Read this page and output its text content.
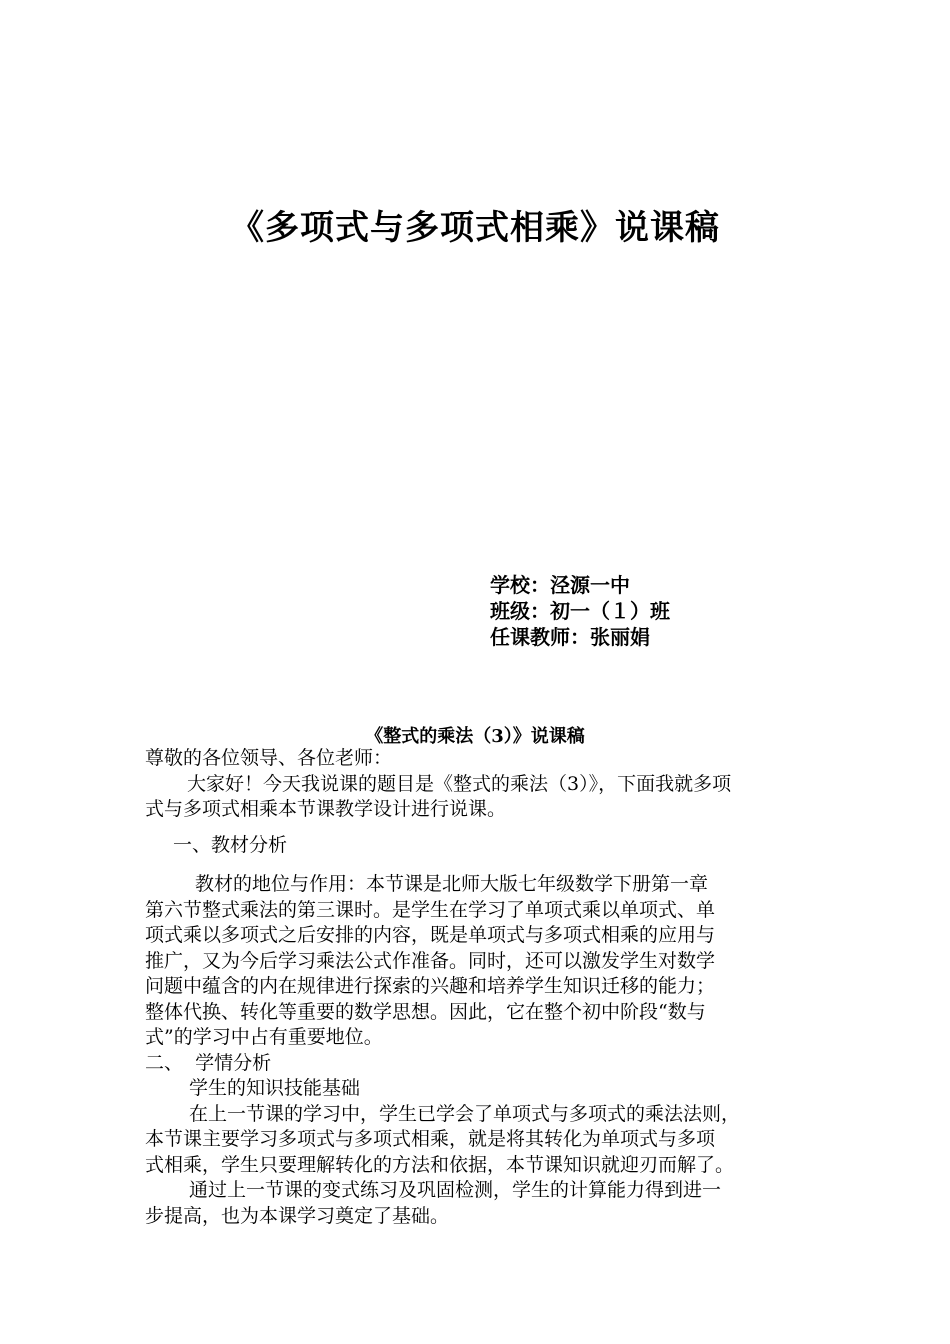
《多项式与多项式相乘》说课稿
学校：泾源一中
班级：初一（１）班
任课教师：张丽娟
《整式的乘法（3）》说课稿
尊敬的各位领导、各位老师：
大家好！今天我说课的题目是《整式的乘法（3）》，下面我就多项
式与多项式相乘本节课教学设计进行说课。
一、教材分析
教材的地位与作用：本节课是北师大版七年级数学下册第一章
第六节整式乘法的第三课时。是学生在学习了单项式乘以单项式、单
项式乘以多项式之后安排的内容，既是单项式与多项式相乘的应用与
推广，又为今后学习乘法公式作准备。同时，还可以激发学生对数学
问题中蕴含的内在规律进行探索的兴趣和培养学生知识迁移的能力；
整体代换、转化等重要的数学思想。因此，它在整个初中阶段“数与
式”的学习中占有重要地位。
二、  学情分析
学生的知识技能基础
在上一节课的学习中，学生已学会了单项式与多项式的乘法法则，
本节课主要学习多项式与多项式相乘，就是将其转化为单项式与多项
式相乘，学生只要理解转化的方法和依据，本节课知识就迎刃而解了。
通过上一节课的变式练习及巩固检测，学生的计算能力得到进一
步提高，也为本课学习奠定了基础。
